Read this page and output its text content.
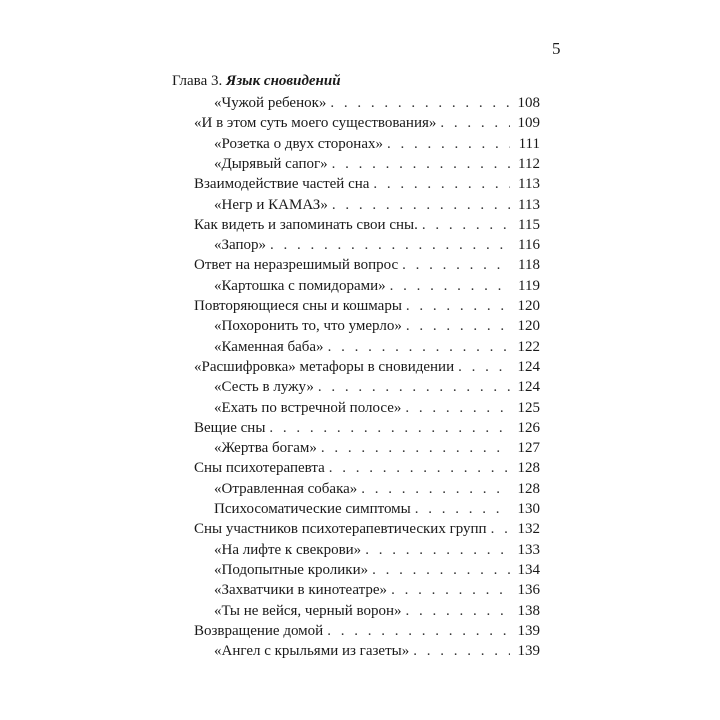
5
Глава 3. Язык сновидений
«Чужой ребенок» . . .	108
«И в этом суть моего существования» . . .	109
«Розетка о двух сторонах» . . .	111
«Дырявый сапог» . . .	112
Взаимодействие частей сна . . .	113
«Негр и КАМАЗ» . . .	113
Как видеть и запоминать свои сны. . . .	115
«Запор» . . .	116
Ответ на неразрешимый вопрос . . .	118
«Картошка с помидорами» . . .	119
Повторяющиеся сны и кошмары . . .	120
«Похоронить то, что умерло» . . .	120
«Каменная баба» . . .	122
«Расшифровка» метафоры в сновидении . . .	124
«Сесть в лужу» . . .	124
«Ехать по встречной полосе» . . .	125
Вещие сны . . .	126
«Жертва богам» . . .	127
Сны психотерапевта . . .	128
«Отравленная собака» . . .	128
Психосоматические симптомы . . .	130
Сны участников психотерапевтических групп . . .	132
«На лифте к свекрови» . . .	133
«Подопытные кролики» . . .	134
«Захватчики в кинотеатре» . . .	136
«Ты не вейся, черный ворон» . . .	138
Возвращение домой . . .	139
«Ангел с крыльями из газеты» . . .	139
